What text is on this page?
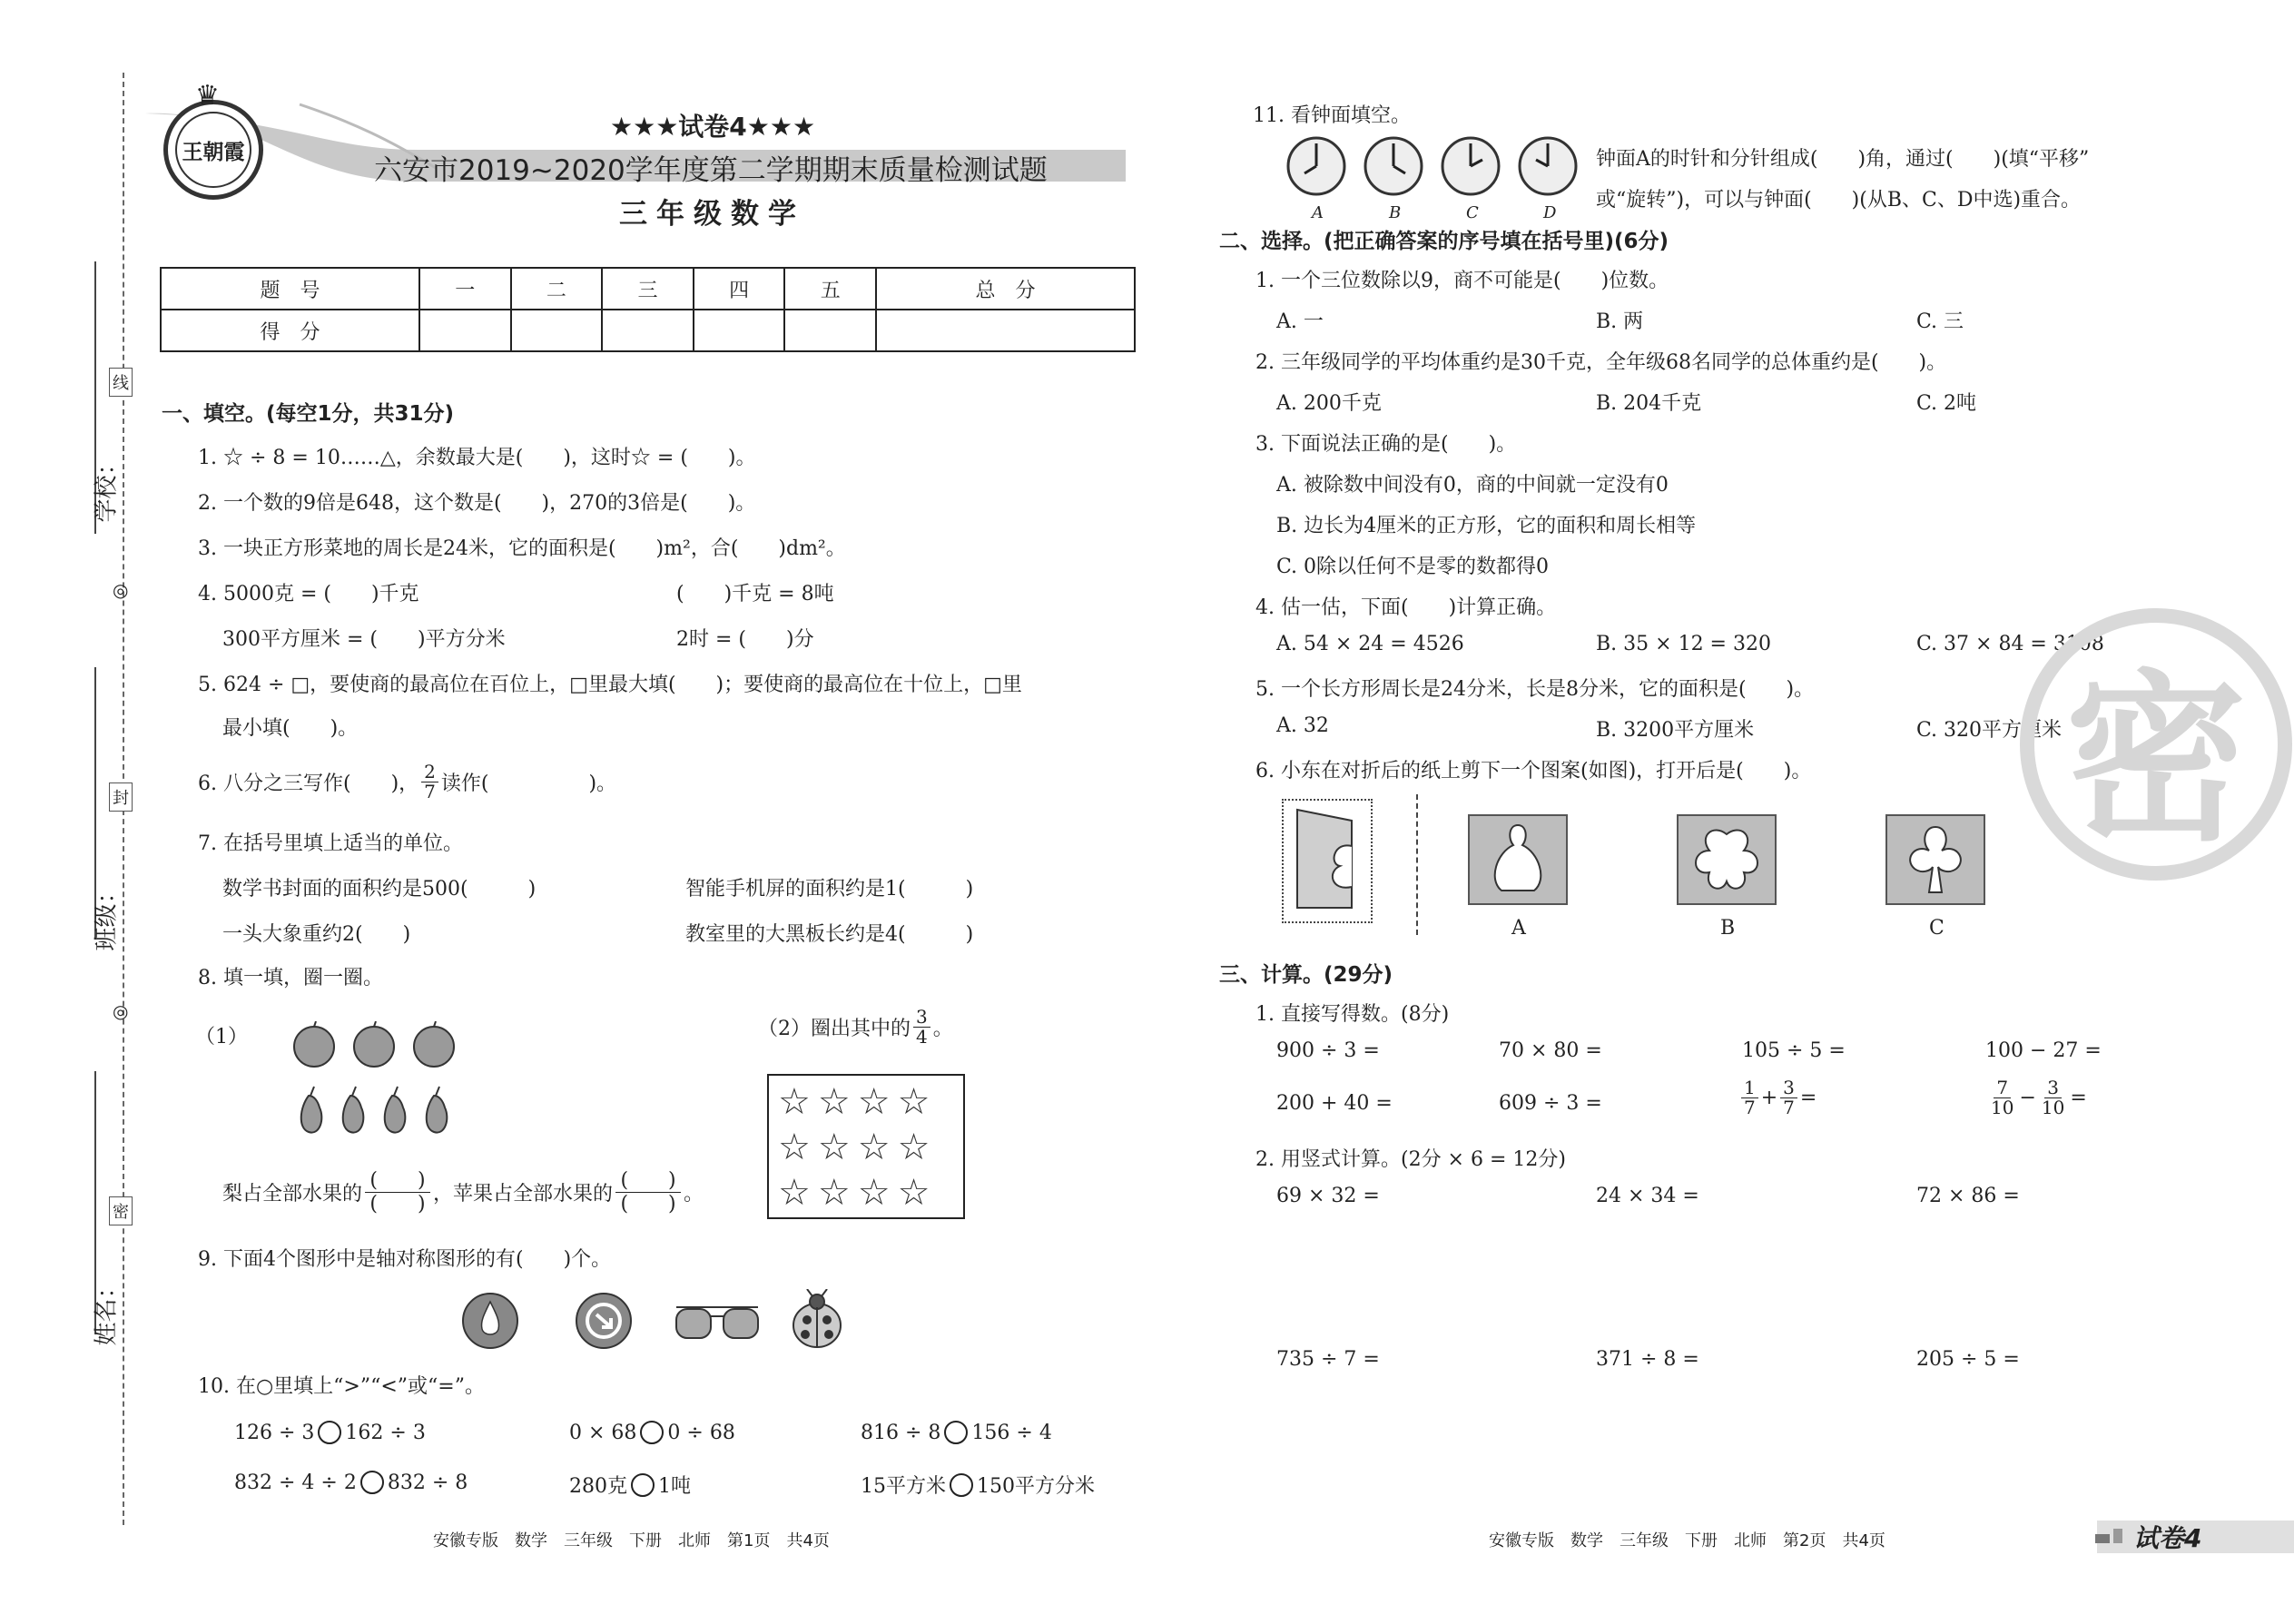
线
封
密
◎
◎
学校：
班级：
姓名：
王朝霞
♛
★★★试卷4★★★
六安市2019~2020学年度第二学期期末质量检测试题
三年级数学
题　号	一	二	三	四	五	总　分
得　分						
一、填空。(每空1分，共31分)
1. ☆ ÷ 8 = 10……△，余数最大是(　　)，这时☆ = (　　)。
2. 一个数的9倍是648，这个数是(　　)，270的3倍是(　　)。
3. 一块正方形菜地的周长是24米，它的面积是(　　)m²，合(　　)dm²。
4. 5000克 = (　　)千克	(　　)千克 = 8吨
300平方厘米 = (　　)平方分米	2时 = (　　)分
5. 624 ÷ □，要使商的最高位在百位上，□里最大填(　　)；要使商的最高位在十位上，□里
最小填(　　)。
6. 八分之三写作(　　)， $\frac{2}{7}$ 读作(　　　　　)。
7. 在括号里填上适当的单位。
数学书封面的面积约是500(　　　)	智能手机屏的面积约是1(　　　)
一头大象重约2(　　)	教室里的大黑板长约是4(　　　)
8. 填一填，圈一圈。
（1）	（2）圈出其中的 $\frac{3}{4}$ 。
☆☆☆☆
☆☆☆☆
☆☆☆☆
梨占全部水果的
(　　)
(　　) ，苹果占全部水果的
(　　)
(　　) 。
9. 下面4个图形中是轴对称图形的有(　　)个。
10. 在○里填上“>”“<”或“=”。
126 ÷ 3 162 ÷ 3	0 × 68 0 ÷ 68	816 ÷ 8 156 ÷ 4
832 ÷ 4 ÷ 2 832 ÷ 8	280克 1吨	15平方米 150平方分米
安徽专版　数学　三年级　下册　北师　第1页　共4页
11. 看钟面填空。
A	B	C	D
钟面A的时针和分针组成(　　)角，通过(　　)(填“平移”
或“旋转”)，可以与钟面(　　)(从B、C、D中选)重合。
二、选择。(把正确答案的序号填在括号里)(6分)
1. 一个三位数除以9，商不可能是(　　)位数。
A. 一	B. 两	C. 三
2. 三年级同学的平均体重约是30千克，全年级68名同学的总体重约是(　　)。
A. 200千克	B. 204千克	C. 2吨
3. 下面说法正确的是(　　)。
A. 被除数中间没有0，商的中间就一定没有0
B. 边长为4厘米的正方形，它的面积和周长相等
C. 0除以任何不是零的数都得0
4. 估一估，下面(　　)计算正确。
A. 54 × 24 = 4526	B. 35 × 12 = 320	C. 37 × 84 = 3108
5. 一个长方形周长是24分米，长是8分米，它的面积是(　　)。
A. 32	B. 3200平方厘米	C. 320平方厘米
6. 小东在对折后的纸上剪下一个图案(如图)，打开后是(　　)。
A	B	C
三、计算。(29分)
1. 直接写得数。(8分)
900 ÷ 3 =	70 × 80 =	105 ÷ 5 =	100 − 27 =
200 + 40 =	609 ÷ 3 =	$\frac{1}{7} + \frac{3}{7}$ =	$\frac{7}{10} - \frac{3}{10}$ =
2. 用竖式计算。(2分 × 6 = 12分)
69 × 32 =	24 × 34 =	72 × 86 =
735 ÷ 7 =	371 ÷ 8 =	205 ÷ 5 =
密
安徽专版　数学　三年级　下册　北师　第2页　共4页	试卷4
